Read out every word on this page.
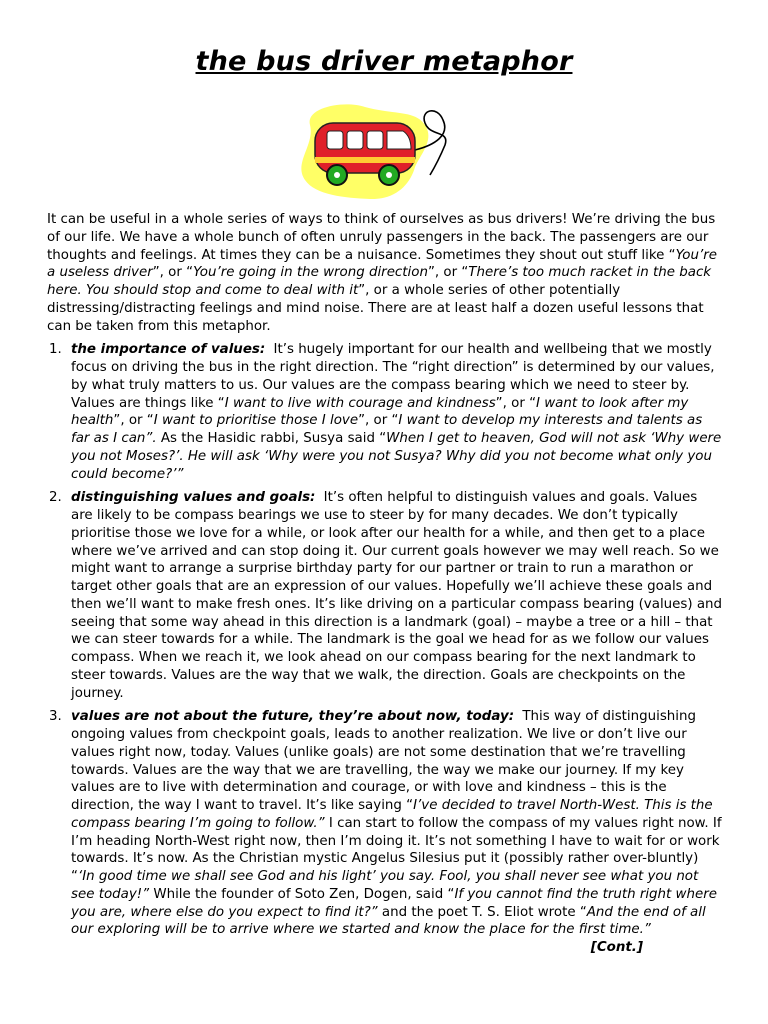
the bus driver metaphor

It can be useful in a whole series of ways to think of ourselves as bus drivers! We’re driving the bus of our life. We have a whole bunch of often unruly passengers in the back. The passengers are our thoughts and feelings. At times they can be a nuisance. Sometimes they shout out stuff like “You’re a useless driver”, or “You’re going in the wrong direction”, or “There’s too much racket in the back here. You should stop and come to deal with it”, or a whole series of other potentially distressing/distracting feelings and mind noise. There are at least half a dozen useful lessons that can be taken from this metaphor.

1. the importance of values: It’s hugely important for our health and wellbeing that we mostly focus on driving the bus in the right direction. The “right direction” is determined by our values, by what truly matters to us. Our values are the compass bearing which we need to steer by. Values are things like “I want to live with courage and kindness”, or “I want to look after my health”, or “I want to prioritise those I love”, or “I want to develop my interests and talents as far as I can”. As the Hasidic rabbi, Susya said “When I get to heaven, God will not ask ‘Why were you not Moses?’. He will ask ‘Why were you not Susya? Why did you not become what only you could become?’”
2. distinguishing values and goals: It’s often helpful to distinguish values and goals. Values are likely to be compass bearings we use to steer by for many decades. We don’t typically prioritise those we love for a while, or look after our health for a while, and then get to a place where we’ve arrived and can stop doing it. Our current goals however we may well reach. So we might want to arrange a surprise birthday party for our partner or train to run a marathon or target other goals that are an expression of our values. Hopefully we’ll achieve these goals and then we’ll want to make fresh ones. It’s like driving on a particular compass bearing (values) and seeing that some way ahead in this direction is a landmark (goal) – maybe a tree or a hill – that we can steer towards for a while. The landmark is the goal we head for as we follow our values compass. When we reach it, we look ahead on our compass bearing for the next landmark to steer towards. Values are the way that we walk, the direction. Goals are checkpoints on the journey.
3. values are not about the future, they’re about now, today: This way of distinguishing ongoing values from checkpoint goals, leads to another realization. We live or don’t live our values right now, today. Values (unlike goals) are not some destination that we’re travelling towards. Values are the way that we are travelling, the way we make our journey. If my key values are to live with determination and courage, or with love and kindness – this is the direction, the way I want to travel. It’s like saying “I’ve decided to travel North-West. This is the compass bearing I’m going to follow.” I can start to follow the compass of my values right now. If I’m heading North-West right now, then I’m doing it. It’s not something I have to wait for or work towards. It’s now. As the Christian mystic Angelus Silesius put it (possibly rather over-bluntly) “‘In good time we shall see God and his light’ you say. Fool, you shall never see what you not see today!” While the founder of Soto Zen, Dogen, said “If you cannot find the truth right where you are, where else do you expect to find it?” and the poet T. S. Eliot wrote “And the end of all our exploring will be to arrive where we started and know the place for the first time.”
[Cont.]
